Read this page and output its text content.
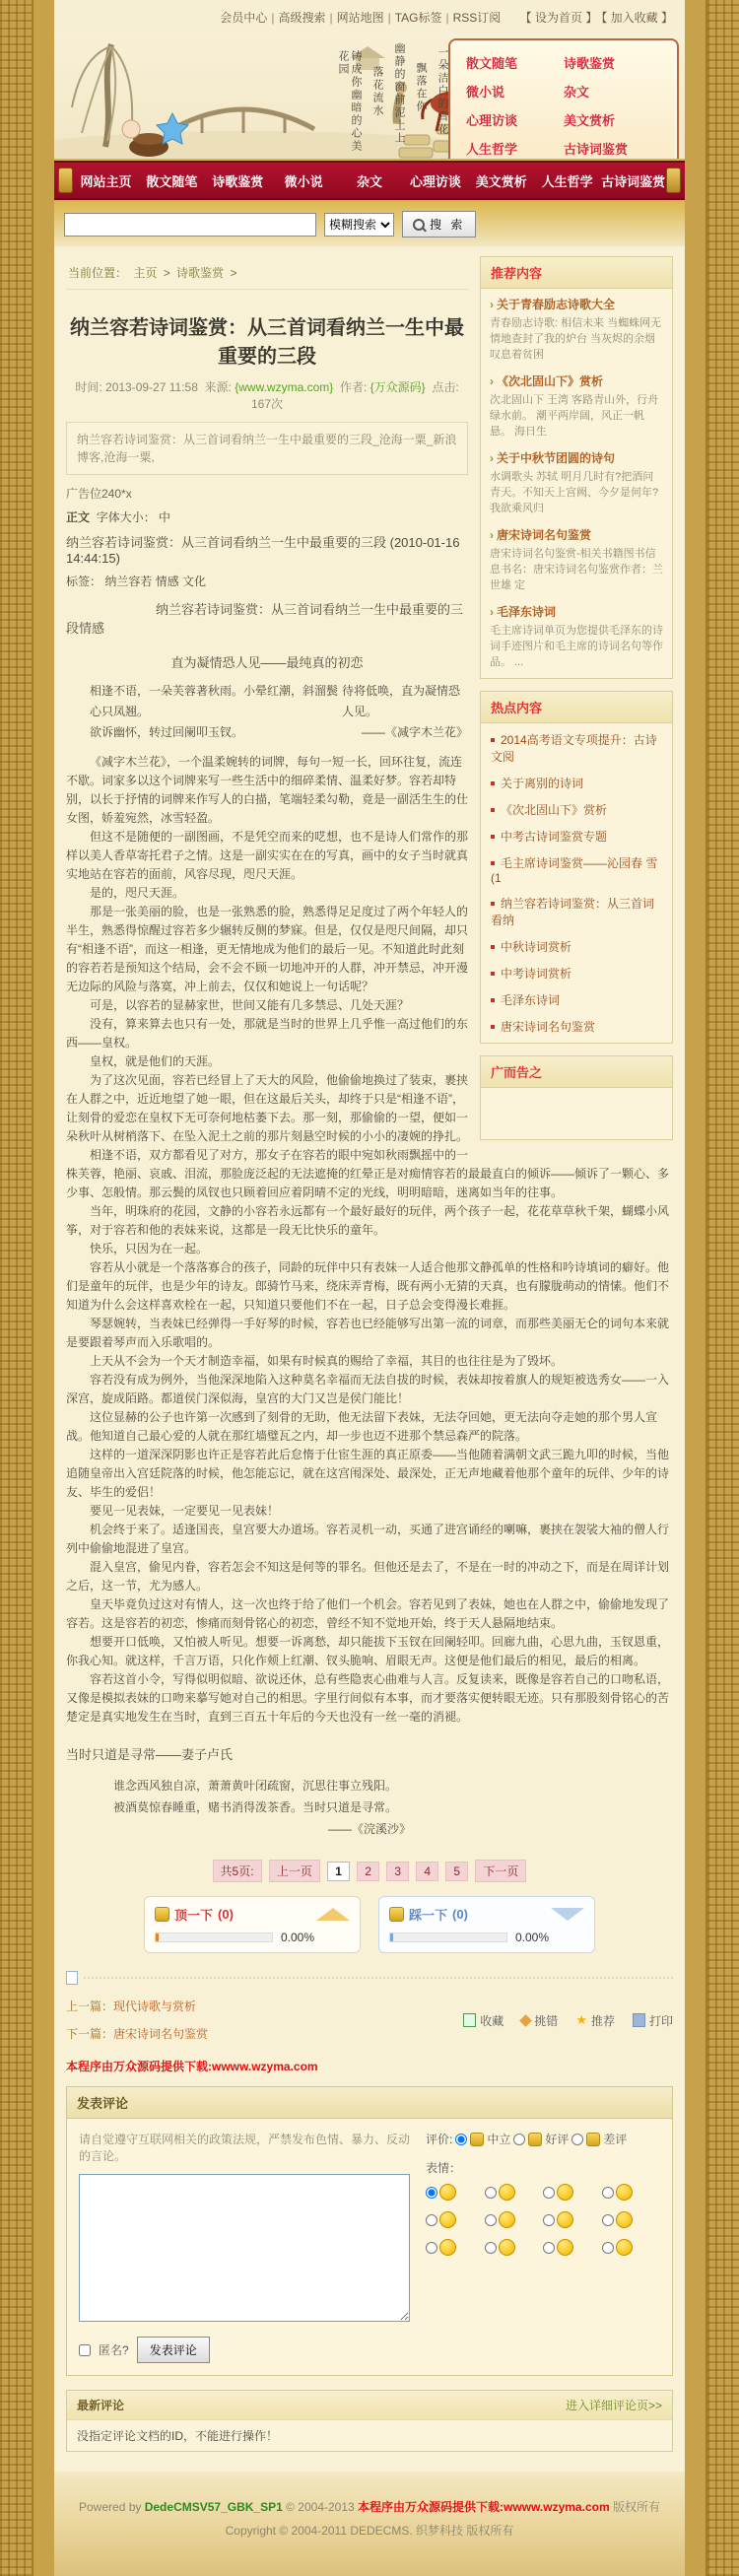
会员中心 | 高级搜索 | 网站地图 | TAG标签 | RSS订阅 【 设为首页 】 【 加入收藏 】
一朵洁白的雪花
飘落在你
幽静的窗前泥土上
落花流水
铸成你幽暗的心美花园	散文随笔	诗歌鉴赏
微小说	杂文
心理访谈	美文赏析
人生哲学	古诗词鉴赏
网站主页	散文随笔	诗歌鉴赏	微小说	杂文	心理访谈	美文赏析	人生哲学 古诗词鉴赏
模糊搜索
搜 索
推荐内容
› 关于青春励志诗歌大全
青春励志诗歌: 相信未来 当蜘蛛网无情地查封了我的炉台 当灰烬的余烟叹息着贫困
› 《次北固山下》赏析
次北固山下 王湾 客路青山外，行舟绿水前。 潮平两岸阔，风正一帆悬。 海日生
› 关于中秋节团圆的诗句
水调歌头 苏轼 明月几时有?把酒问青天。不知天上宫阙、今夕是何年?我欲乘风归
› 唐宋诗词名句鉴赏
唐宋诗词名句鉴赏-相关书籍图书信息书名：唐宋诗词名句鉴赏作者：兰世雄 定
› 毛泽东诗词
毛主席诗词单页为您提供毛泽东的诗词手迹图片和毛主席的诗词名句等作品。 ...
热点内容
2014高考语文专项提升：古诗文阅
关于离别的诗词
《次北固山下》赏析
中考古诗词鉴赏专题
毛主席诗词鉴赏——沁园春 雪 (1
纳兰容若诗词鉴赏：从三首词看纳
中秋诗词赏析
中考诗词赏析
毛泽东诗词
唐宋诗词名句鉴赏
广而告之
当前位置： 主页 > 诗歌鉴赏 >
纳兰容若诗词鉴赏：从三首词看纳兰一生中最重要的三段
时间: 2013-09-27 11:58 来源: {www.wzyma.com} 作者: {万众源码} 点击: 167次
纳兰容若诗词鉴赏：从三首词看纳兰一生中最重要的三段_沧海一粟_新浪博客,沧海一粟,
广告位240*x
正文 字体大小： 中
纳兰容若诗词鉴赏：从三首词看纳兰一生中最重要的三段 (2010-01-16 14:44:15)
标签： 纳兰容若 情感 文化
纳兰容若诗词鉴赏：从三首词看纳兰一生中最重要的三段情感
直为凝情恐人见——最纯真的初恋
相逢不语，一朵芙蓉著秋雨。小晕红潮，斜溜鬓心只凤翘。
待将低唤，直为凝情恐人见。
欲诉幽怀，转过回阑叩玉钗。	——《减字木兰花》

《减字木兰花》，一个温柔婉转的词牌，每句一短一长，回环往复，流连不歇。词家多以这个词牌来写一些生活中的细碎柔情、温柔好梦。容若却特别，以长于抒情的词牌来作写人的白描，笔端轻柔勾勒，竟是一副活生生的仕女图，娇羞宛然，冰雪轻盈。

但这不是随便的一副图画，不是凭空而来的呓想，也不是诗人们常作的那样以美人香草寄托君子之情。这是一副实实在在的写真，画中的女子当时就真实地站在容若的面前，风容尽现，咫尺天涯。

是的，咫尺天涯。

那是一张美丽的脸，也是一张熟悉的脸，熟悉得足足度过了两个年轻人的半生，熟悉得惊醒过容若多少辗转反侧的梦寐。但是，仅仅是咫尺间隔，却只有“相逢不语”，而这一相逢，更无情地成为他们的最后一见。不知道此时此刻的容若若是预知这个结局，会不会不顾一切地冲开的人群，冲开禁忌，冲开漫无边际的风险与落寞，冲上前去，仅仅和她说上一句话呢？

可是，以容若的显赫家世，世间又能有几多禁忌、几处天涯？

没有，算来算去也只有一处，那就是当时的世界上几乎惟一高过他们的东西——皇权。

皇权，就是他们的天涯。

为了这次见面，容若已经冒上了天大的风险，他偷偷地换过了装束，裹挟在人群之中，近近地望了她一眼，但在这最后关头，却终于只是“相逢不语”，让刻骨的爱恋在皇权下无可奈何地枯萎下去。那一刻，那偷偷的一望，便如一朵秋叶从树梢落下、在坠入泥土之前的那片刻悬空时候的小小的凄婉的挣扎。

相逢不语，双方都看见了对方，那女子在容若的眼中宛如秋雨飘摇中的一株芙蓉，艳丽、哀戚、泪流，那脸庞泛起的无法遮掩的红晕正是对痴情容若的最最直白的倾诉——倾诉了一颗心、多少事、怎般情。那云鬓的凤钗也只顾着回应着阴晴不定的光线，明明暗暗，迷离如当年的往事。

当年，明珠府的花园，文静的小容若永远都有一个最好最好的玩伴，两个孩子一起，花花草草秋千架，蝴蝶小风筝，对于容若和他的表妹来说，这都是一段无比快乐的童年。

快乐，只因为在一起。

容若从小就是一个落落寡合的孩子，同龄的玩伴中只有表妹一人适合他那文静孤单的性格和吟诗填词的癖好。他们是童年的玩伴，也是少年的诗友。郎骑竹马来，绕床弄青梅，既有两小无猜的天真，也有朦胧萌动的情愫。他们不知道为什么会这样喜欢栓在一起，只知道只要他们不在一起，日子总会变得漫长难捱。

琴瑟婉转，当表妹已经弹得一手好琴的时候，容若也已经能够写出第一流的词章，而那些美丽无仑的词句本来就是要跟着琴声而入乐歌唱的。

上天从不会为一个天才制造幸福，如果有时候真的赐给了幸福，其目的也往往是为了毁坏。

容若没有成为例外，当他深深地陷入这种莫名幸福而无法自拔的时候，表妹却按着旗人的规矩被选秀女——一入深宫，旋成陌路。都道侯门深似海，皇宫的大门又岂是侯门能比！

这位显赫的公子也许第一次感到了刻骨的无助，他无法留下表妹，无法夺回她，更无法向夺走她的那个男人宣战。他知道自己最心爱的人就在那红墙璧瓦之内，却一步也迈不进那个禁忌森严的院落。

这样的一道深深阴影也许正是容若此后怠惰于仕宦生涯的真正原委——当他随着满朝文武三跪九叩的时候，当他追随皇帝出入宫廷院落的时候，他怎能忘记，就在这宫闱深处、最深处，正无声地藏着他那个童年的玩伴、少年的诗友、毕生的爱侣！

要见一见表妹，一定要见一见表妹！

机会终于来了。适逢国丧，皇宫要大办道场。容若灵机一动，买通了进宫诵经的喇嘛，裹挟在袈裟大袖的僧人行列中偷偷地混进了皇宫。

混入皇宫，偷见内眷，容若怎会不知这是何等的罪名。但他还是去了，不是在一时的冲动之下，而是在周详计划之后，这一节，尤为感人。

皇天毕竟负过这对有情人，这一次也终于给了他们一个机会。容若见到了表妹，她也在人群之中，偷偷地发现了容若。这是容若的初恋，惨痛而刻骨铭心的初恋，曾经不知不觉地开始，终于天人悬隔地结束。

想要开口低唤，又怕被人听见。想要一诉离愁，却只能拔下玉钗在回阑轻叩。回廊九曲，心思九曲，玉钗恩重，你我心知。就这样，千言万语，只化作颊上红潮、钗头脆响、眉眼无声。这便是他们最后的相见，最后的相离。

容若这首小令，写得似明似暗、欲说还休，总有些隐衷心曲难与人言。反复读来，既像是容若自己的口吻私语，又像是模拟表妹的口吻来摹写她对自己的相思。字里行间似有本事，而才要落实便转眼无迹。只有那股刻骨铭心的苦楚定是真实地发生在当时，直到三百五十年后的今天也没有一丝一毫的消褪。

当时只道是寻常——妻子卢氏
谁念西风独自凉，萧萧黄叶闭疏窗，沉思往事立残阳。
被酒莫惊春睡重，赌书消得泼茶香。当时只道是寻常。
——《浣溪沙》
共5页: 上一页 1 2 3 4 5 下一页
顶一下 (0)
0.00%
踩一下 (0)
0.00%
上一篇：现代诗歌与赏析
下一篇：唐宋诗词名句鉴赏
收藏	挑错 ★ 推荐	打印
本程序由万众源码提供下载:wwww.wzyma.com
发表评论
请自觉遵守互联网相关的政策法规，严禁发布色情、暴力、反动的言论。
匿名?	发表评论
评价:	中立	好评	差评
表情：
最新评论	进入详细评论页>>
没指定评论文档的ID，不能进行操作！
Powered by DedeCMSV57_GBK_SP1 © 2004-2013 本程序由万众源码提供下载:wwww.wzyma.com 版权所有
Copyright © 2004-2011 DEDECMS. 织梦科技 版权所有
